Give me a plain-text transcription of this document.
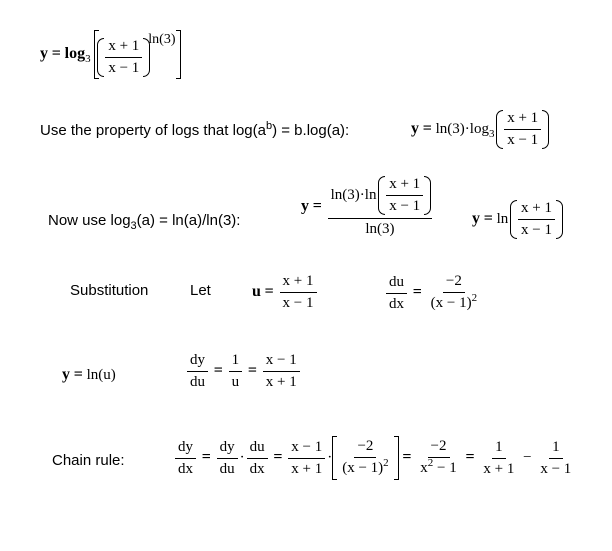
$y = \log_3 \frac{x + 1}{x - 1} \ln(3)$
Use the property of logs that $\log(a^b) = b.\log(a)$:	$y = \ln(3)\cdot\log_3 \frac{x + 1}{x - 1}$
Now use $\log_3(a) = \ln(a)/\ln(3)$:
$y = \frac{\ln(3)\cdot\ln \frac{x + 1}{x - 1}}{\ln(3)}$ $y = \ln \frac{x + 1}{x - 1}$
Substitution	Let	$u = \frac{x + 1}{x - 1}$	$\frac{du}{dx} = \frac{-2}{(x - 1)^2}$
y = ln(u)	$\frac{dy}{du} = \frac{1}{u} = \frac{x - 1}{x + 1}$
Chain rule:	$\frac{dy}{dx} = \frac{dy}{du} \cdot \frac{du}{dx} = \frac{x - 1}{x + 1} \cdot \frac{-2}{(x - 1)^2} = \frac{-2}{x^2 - 1} = \frac{1}{x + 1} - \frac{1}{x - 1}$
